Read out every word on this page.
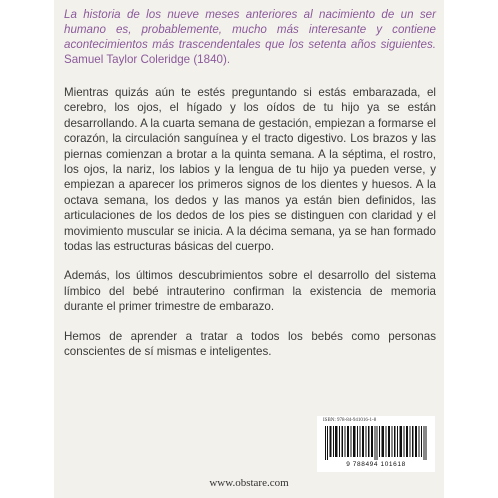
La historia de los nueve meses anteriores al nacimiento de un ser humano es, probablemente, mucho más interesante y contiene acontecimientos más trascendentales que los setenta años siguientes. Samuel Taylor Coleridge (1840).

Mientras quizás aún te estés preguntando si estás embarazada, el cerebro, los ojos, el hígado y los oídos de tu hijo ya se están desarrollando. A la cuarta semana de gestación, empiezan a formarse el corazón, la circulación sanguínea y el tracto digestivo. Los brazos y las piernas comienzan a brotar a la quinta semana. A la séptima, el rostro, los ojos, la nariz, los labios y la lengua de tu hijo ya pueden verse, y empiezan a aparecer los primeros signos de los dientes y huesos. A la octava semana, los dedos y las manos ya están bien definidos, las articulaciones de los dedos de los pies se distinguen con claridad y el movimiento muscular se inicia. A la décima semana, ya se han formado todas las estructuras básicas del cuerpo.

Además, los últimos descubrimientos sobre el desarrollo del sistema límbico del bebé intrauterino confirman la existencia de memoria durante el primer trimestre de embarazo.

Hemos de aprender a tratar a todos los bebés como personas conscientes de sí mismas e inteligentes.

ISBN: 978-84-941016-1-8
9 788494 101618
www.obstare.com
